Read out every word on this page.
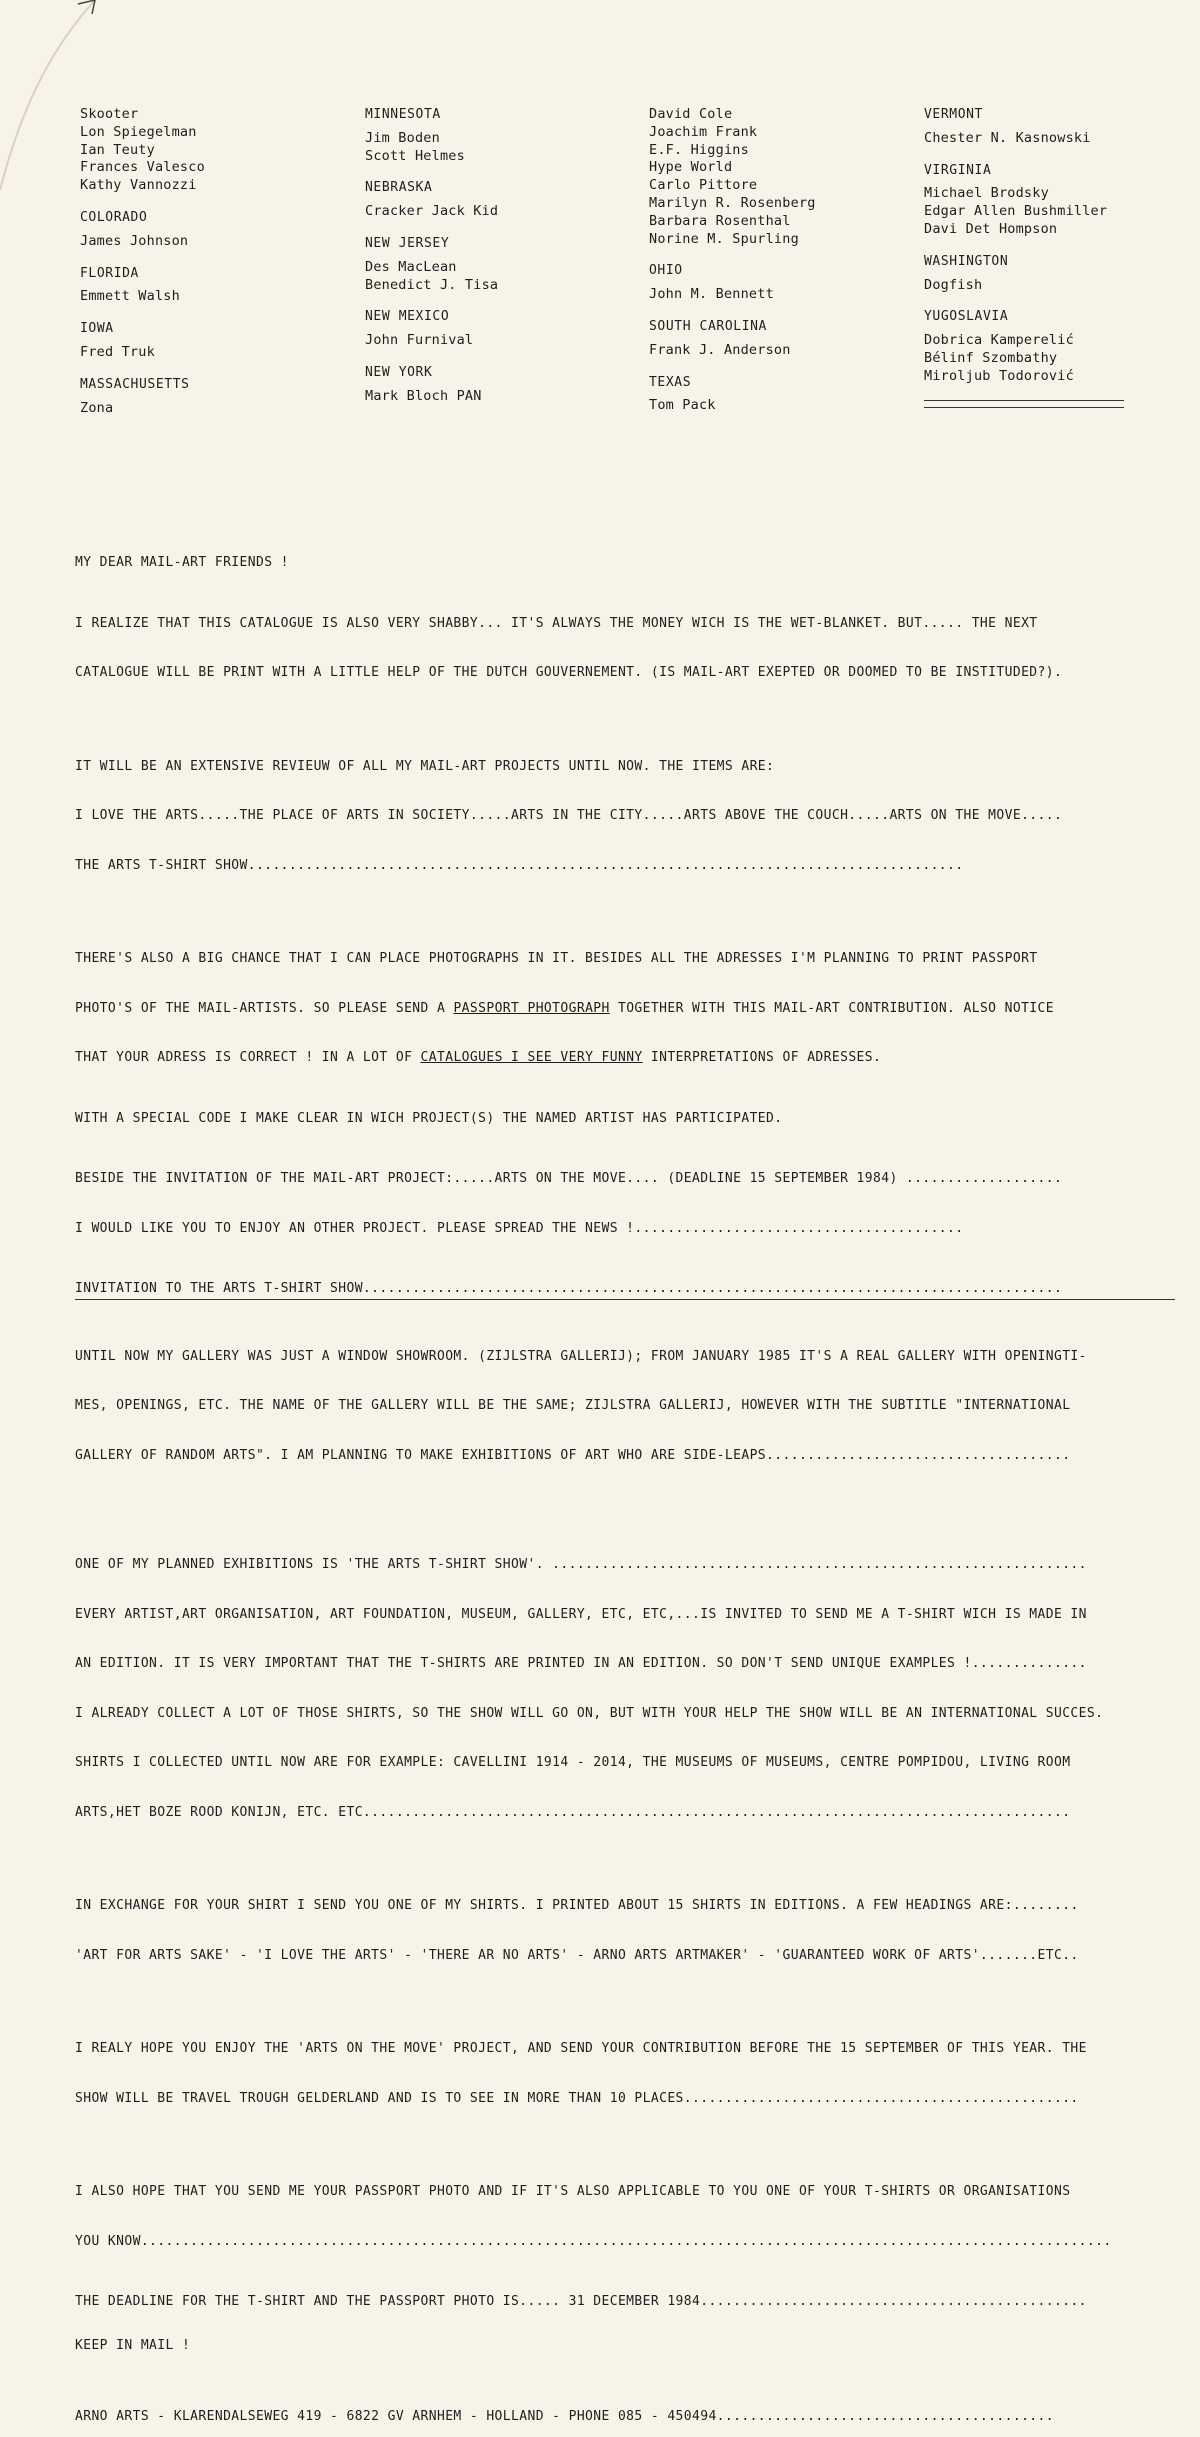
Skooter
Lon Spiegelman
Ian Teuty
Frances Valesco
Kathy Vannozzi
COLORADO
James Johnson
FLORIDA
Emmett Walsh
IOWA
Fred Truk
MASSACHUSETTS
Zona
MINNESOTA
Jim Boden
Scott Helmes
NEBRASKA
Cracker Jack Kid
NEW JERSEY
Des MacLean
Benedict J. Tisa
NEW MEXICO
John Furnival
NEW YORK
Mark Bloch PAN
David Cole
Joachim Frank
E.F. Higgins
Hype World
Carlo Pittore
Marilyn R. Rosenberg
Barbara Rosenthal
Norine M. Spurling
OHIO
John M. Bennett
SOUTH CAROLINA
Frank J. Anderson
TEXAS
Tom Pack
VERMONT
Chester N. Kasnowski
VIRGINIA
Michael Brodsky
Edgar Allen Bushmiller
Davi Det Hompson
WASHINGTON
Dogfish
YUGOSLAVIA
Dobrica Kamperelić
Bélinf Szombathy
Miroljub Todorović
MY DEAR MAIL-ART FRIENDS !

I REALIZE THAT THIS CATALOGUE IS ALSO VERY SHABBY... IT'S ALWAYS THE MONEY WICH IS THE WET-BLANKET. BUT..... THE NEXT

CATALOGUE WILL BE PRINT WITH A LITTLE HELP OF THE DUTCH GOUVERNEMENT. (IS MAIL-ART EXEPTED OR DOOMED TO BE INSTITUDED?).

IT WILL BE AN EXTENSIVE REVIEUW OF ALL MY MAIL-ART PROJECTS UNTIL NOW. THE ITEMS ARE:

I LOVE THE ARTS.....THE PLACE OF ARTS IN SOCIETY.....ARTS IN THE CITY.....ARTS ABOVE THE COUCH.....ARTS ON THE MOVE.....

THE ARTS T-SHIRT SHOW.......................................................................................

THERE'S ALSO A BIG CHANCE THAT I CAN PLACE PHOTOGRAPHS IN IT. BESIDES ALL THE ADRESSES I'M PLANNING TO PRINT PASSPORT

PHOTO'S OF THE MAIL-ARTISTS. SO PLEASE SEND A PASSPORT PHOTOGRAPH TOGETHER WITH THIS MAIL-ART CONTRIBUTION. ALSO NOTICE

THAT YOUR ADRESS IS CORRECT ! IN A LOT OF CATALOGUES I SEE VERY FUNNY INTERPRETATIONS OF ADRESSES.

WITH A SPECIAL CODE I MAKE CLEAR IN WICH PROJECT(S) THE NAMED ARTIST HAS PARTICIPATED.

BESIDE THE INVITATION OF THE MAIL-ART PROJECT:.....ARTS ON THE MOVE.... (DEADLINE 15 SEPTEMBER 1984) ...................

I WOULD LIKE YOU TO ENJOY AN OTHER PROJECT. PLEASE SPREAD THE NEWS !........................................

INVITATION TO THE ARTS T-SHIRT SHOW.....................................................................................

UNTIL NOW MY GALLERY WAS JUST A WINDOW SHOWROOM. (ZIJLSTRA GALLERIJ); FROM JANUARY 1985 IT'S A REAL GALLERY WITH OPENINGTI-

MES, OPENINGS, ETC. THE NAME OF THE GALLERY WILL BE THE SAME; ZIJLSTRA GALLERIJ, HOWEVER WITH THE SUBTITLE "INTERNATIONAL

GALLERY OF RANDOM ARTS". I AM PLANNING TO MAKE EXHIBITIONS OF ART WHO ARE SIDE-LEAPS.....................................

ONE OF MY PLANNED EXHIBITIONS IS 'THE ARTS T-SHIRT SHOW'. .................................................................

EVERY ARTIST,ART ORGANISATION, ART FOUNDATION, MUSEUM, GALLERY, ETC, ETC,...IS INVITED TO SEND ME A T-SHIRT WICH IS MADE IN

AN EDITION. IT IS VERY IMPORTANT THAT THE T-SHIRTS ARE PRINTED IN AN EDITION. SO DON'T SEND UNIQUE EXAMPLES !..............

I ALREADY COLLECT A LOT OF THOSE SHIRTS, SO THE SHOW WILL GO ON, BUT WITH YOUR HELP THE SHOW WILL BE AN INTERNATIONAL SUCCES.

SHIRTS I COLLECTED UNTIL NOW ARE FOR EXAMPLE: CAVELLINI 1914 - 2014, THE MUSEUMS OF MUSEUMS, CENTRE POMPIDOU, LIVING ROOM

ARTS,HET BOZE ROOD KONIJN, ETC. ETC......................................................................................

IN EXCHANGE FOR YOUR SHIRT I SEND YOU ONE OF MY SHIRTS. I PRINTED ABOUT 15 SHIRTS IN EDITIONS. A FEW HEADINGS ARE:........

'ART FOR ARTS SAKE' - 'I LOVE THE ARTS' - 'THERE AR NO ARTS' - ARNO ARTS ARTMAKER' - 'GUARANTEED WORK OF ARTS'.......ETC..

I REALY HOPE YOU ENJOY THE 'ARTS ON THE MOVE' PROJECT, AND SEND YOUR CONTRIBUTION BEFORE THE 15 SEPTEMBER OF THIS YEAR. THE

SHOW WILL BE TRAVEL TROUGH GELDERLAND AND IS TO SEE IN MORE THAN 10 PLACES................................................

I ALSO HOPE THAT YOU SEND ME YOUR PASSPORT PHOTO AND IF IT'S ALSO APPLICABLE TO YOU ONE OF YOUR T-SHIRTS OR ORGANISATIONS

YOU KNOW......................................................................................................................

THE DEADLINE FOR THE T-SHIRT AND THE PASSPORT PHOTO IS..... 31 DECEMBER 1984...............................................
KEEP IN MAIL !
ARNO ARTS - KLARENDALSEWEG 419 - 6822 GV ARNHEM - HOLLAND - PHONE 085 - 450494.........................................
